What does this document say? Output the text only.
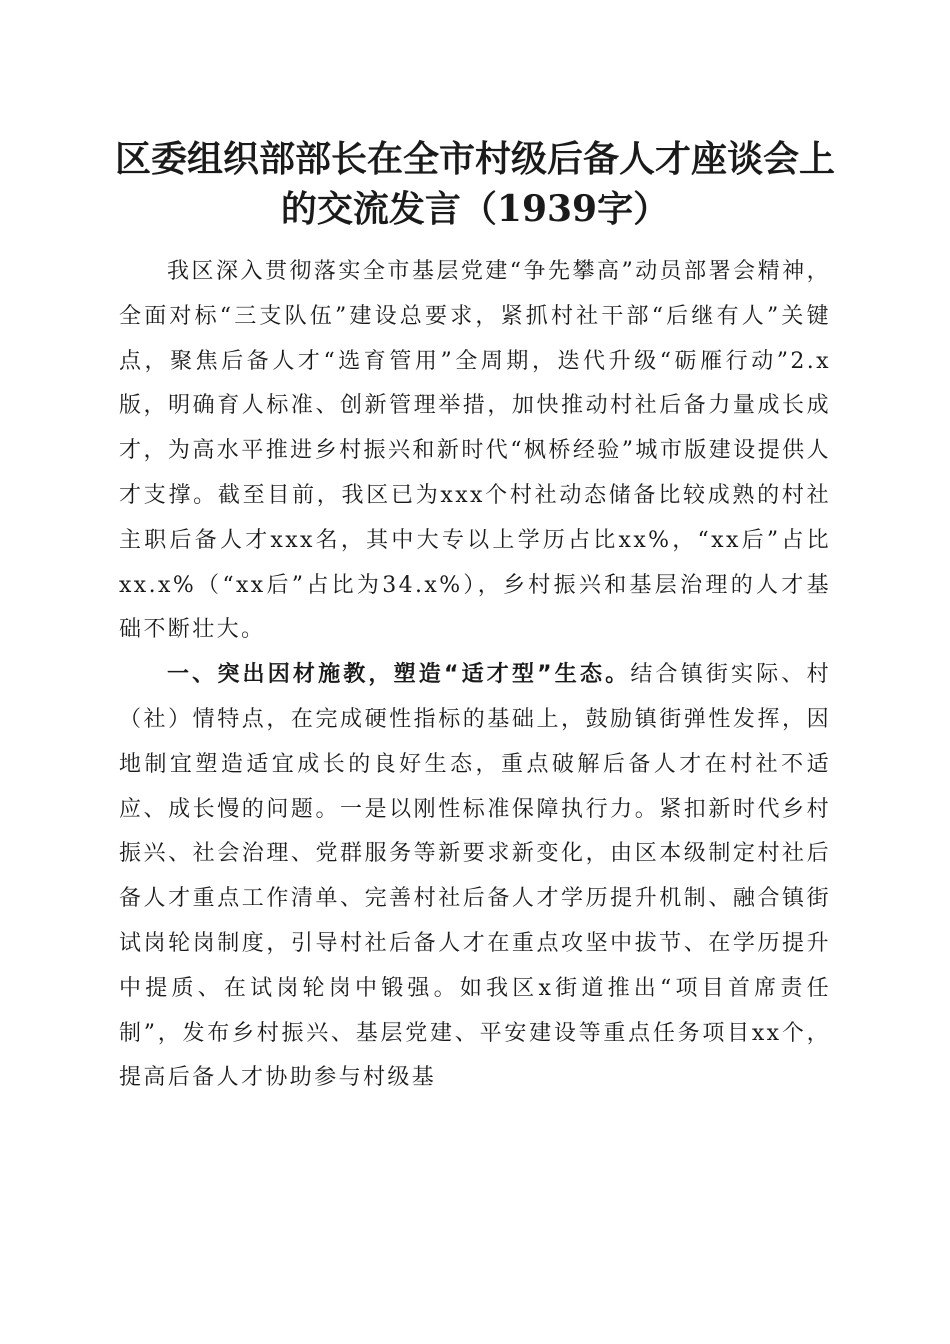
区委组织部部长在全市村级后备人才座谈会上
的交流发言（1939字）

我区深入贯彻落实全市基层党建“争先攀高”动员部署会精神，全面对标“三支队伍”建设总要求，紧抓村社干部“后继有人”关键点，聚焦后备人才“选育管用”全周期，迭代升级“砺雁行动”2.x版，明确育人标准、创新管理举措，加快推动村社后备力量成长成才，为高水平推进乡村振兴和新时代“枫桥经验”城市版建设提供人才支撑。截至目前，我区已为xxx个村社动态储备比较成熟的村社主职后备人才xxx名，其中大专以上学历占比xx%，“xx后”占比xx.x%（“xx后”占比为34.x%），乡村振兴和基层治理的人才基础不断壮大。

一、突出因材施教，塑造“适才型”生态。结合镇街实际、村（社）情特点，在完成硬性指标的基础上，鼓励镇街弹性发挥，因地制宜塑造适宜成长的良好生态，重点破解后备人才在村社不适应、成长慢的问题。一是以刚性标准保障执行力。紧扣新时代乡村振兴、社会治理、党群服务等新要求新变化，由区本级制定村社后备人才重点工作清单、完善村社后备人才学历提升机制、融合镇街试岗轮岗制度，引导村社后备人才在重点攻坚中拔节、在学历提升中提质、在试岗轮岗中锻强。如我区x街道推出“项目首席责任制”，发布乡村振兴、基层党建、平安建设等重点任务项目xx个，提高后备人才协助参与村级基
